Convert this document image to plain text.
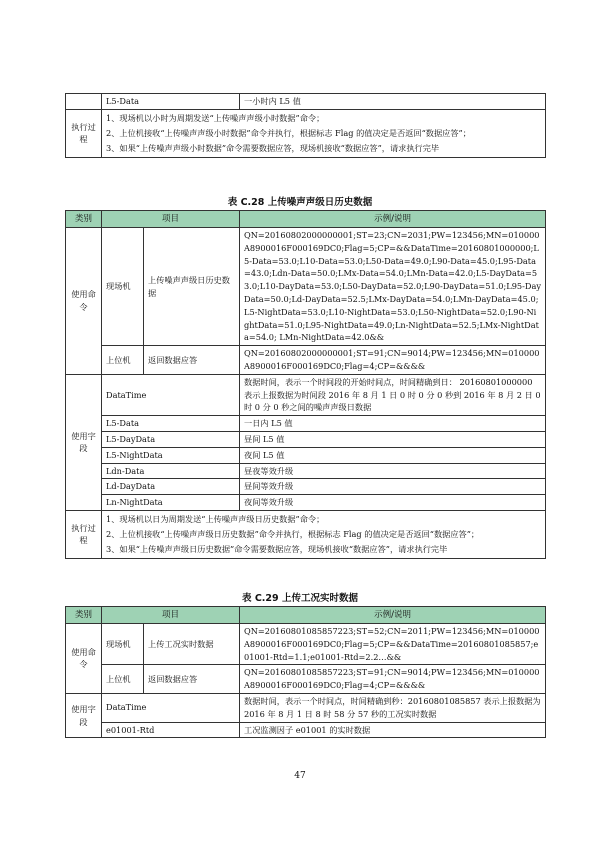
	L5-Data	一小时内 L5 值
执行过程	1、现场机以小时为周期发送“上传噪声声级小时数据”命令；
2、上位机接收“上传噪声声级小时数据”命令并执行，根据标志 Flag 的值决定是否返回“数据应答”；
3、如果“上传噪声声级小时数据”命令需要数据应答，现场机接收“数据应答”，请求执行完毕	
表 C.28 上传噪声声级日历史数据
类别	项目		示例/说明
使用命令	现场机	上传噪声声级日历史数据	QN=20160802000000001;ST=23;CN=2031;PW=123456;MN=010000A8900016F000169DC0;Flag=5;CP=&&DataTime=20160801000000;L5-Data=53.0;L10-Data=53.0;L50-Data=49.0;L90-Data=45.0;L95-Data=43.0;Ldn-Data=50.0;LMx-Data=54.0;LMn-Data=42.0;L5-DayData=53.0;L10-DayData=53.0;L50-DayData=52.0;L90-DayData=51.0;L95-DayData=50.0;Ld-DayData=52.5;LMx-DayData=54.0;LMn-DayData=45.0;L5-NightData=53.0;L10-NightData=53.0;L50-NightData=52.0;L90-NightData=51.0;L95-NightData=49.0;Ln-NightData=52.5;LMx-NightData=54.0; LMn-NightData=42.0&&
	上位机	返回数据应答	QN=20160802000000001;ST=91;CN=9014;PW=123456;MN=010000A8900016F000169DC0;Flag=4;CP=&&&&
使用字段	DataTime		数据时间，表示一个时间段的开始时间点，时间精确到日： 20160801000000 表示上报数据为时间段 2016 年 8 月 1 日 0 时 0 分 0 秒到 2016 年 8 月 2 日 0 时 0 分 0 秒之间的噪声声级日数据
	L5-Data		一日内 L5 值
	L5-DayData		昼间 L5 值
	L5-NightData		夜间 L5 值
	Ldn-Data		昼夜等效升级
	Ld-DayData		昼间等效升级
	Ln-NightData		夜间等效升级
执行过程	1、现场机以日为周期发送“上传噪声声级日历史数据”命令；
2、上位机接收“上传噪声声级日历史数据”命令并执行，根据标志 Flag 的值决定是否返回“数据应答”；
3、如果“上传噪声声级日历史数据”命令需要数据应答，现场机接收“数据应答”，请求执行完毕		
表 C.29 上传工况实时数据
类别	项目		示例/说明
使用命令	现场机	上传工况实时数据	QN=20160801085857223;ST=52;CN=2011;PW=123456;MN=010000A8900016F000169DC0;Flag=5;CP=&&DataTime=20160801085857;e01001-Rtd=1.1;e01001-Rtd=2.2…&&
	上位机	返回数据应答	QN=20160801085857223;ST=91;CN=9014;PW=123456;MN=010000A8900016F000169DC0;Flag=4;CP=&&&&
使用字段	DataTime		数据时间，表示一个时间点，时间精确到秒：20160801085857 表示上报数据为 2016 年 8 月 1 日 8 时 58 分 57 秒的工况实时数据
	e01001-Rtd		工况监测因子 e01001 的实时数据
47
